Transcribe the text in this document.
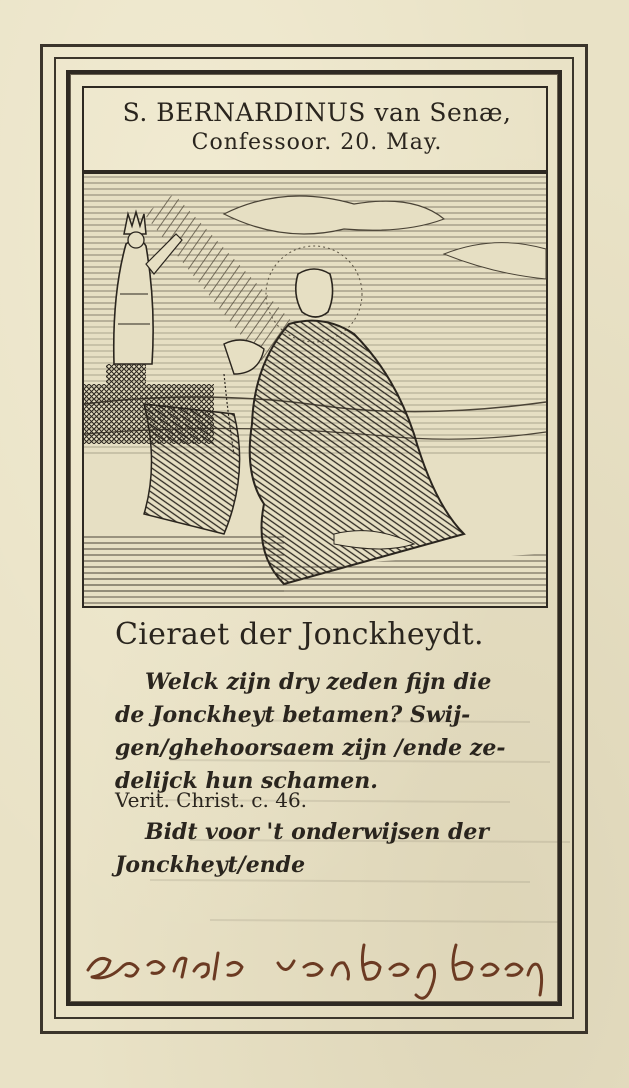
S. BERNARDINUS van Senæ,
Confessoor. 20. May.
Cieraet der Jonckheydt.
Welck zijn dry zeden fijn die
de Jonckheyt betamen? Swij-
gen/ghehoorsaem zijn /ende ze-
delijck hun schamen.
Verit. Christ. c. 46.
Bidt voor 't onderwijsen der
Jonckheyt/ende
Cornelia van der boom
